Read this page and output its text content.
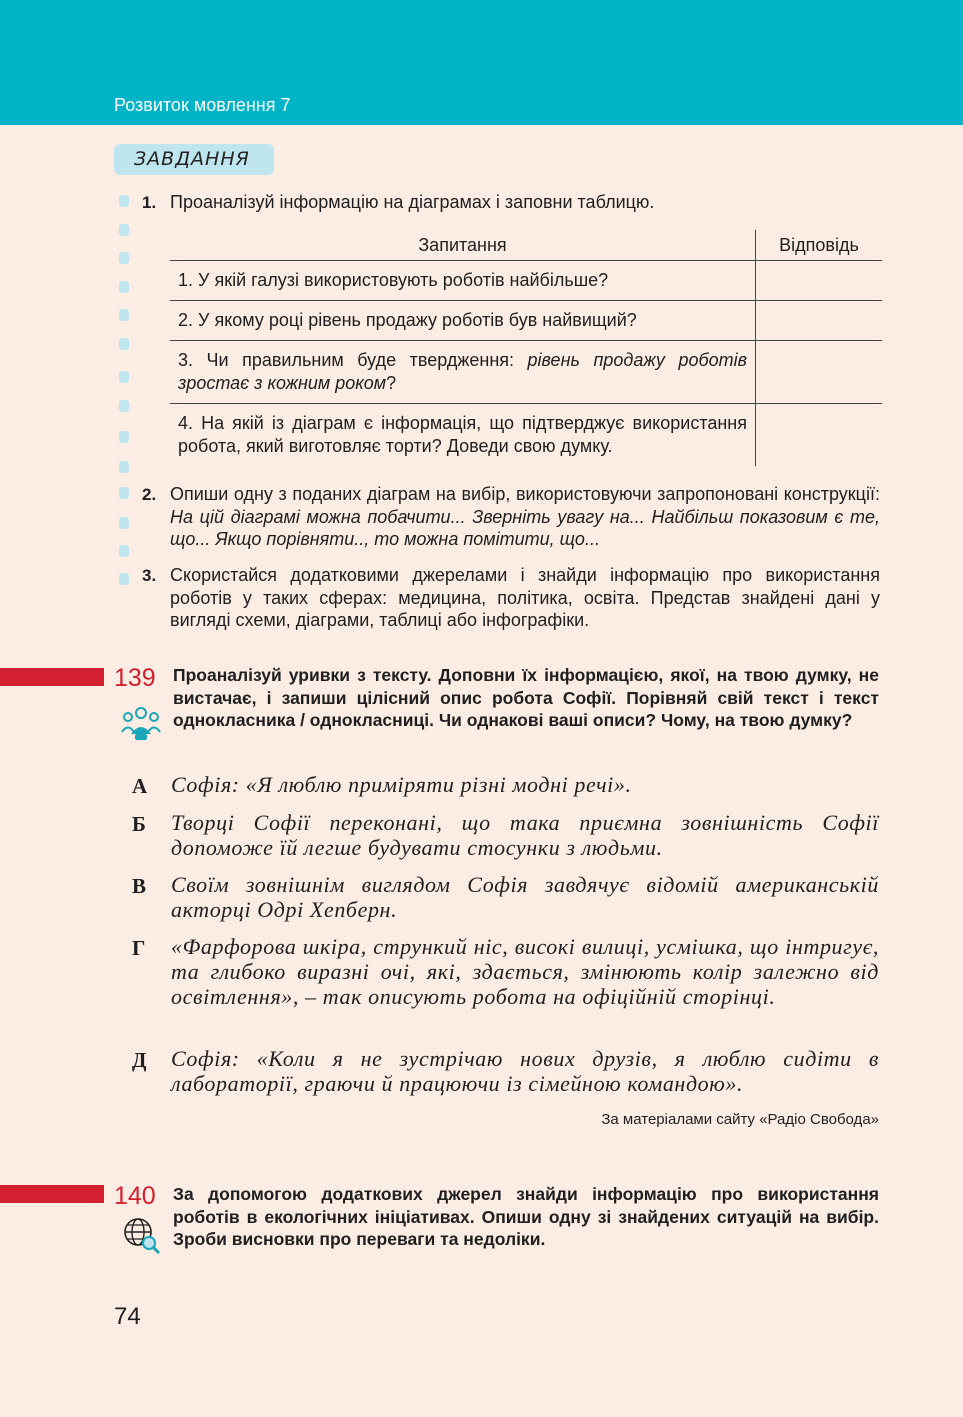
Розвиток мовлення 7
ЗАВДАННЯ
1. Проаналізуй інформацію на діаграмах і заповни таблицю.
Запитання	Відповідь
1. У якій галузі використовують роботів найбільше?	
2. У якому році рівень продажу роботів був найвищий?	
3. Чи правильним буде твердження: рівень продажу роботів зростає з кожним роком?	
4. На якій із діаграм є інформація, що підтверджує використання робота, який виготовляє торти? Доведи свою думку.	
2. Опиши одну з поданих діаграм на вибір, використовуючи запропоновані конструкції: На цій діаграмі можна побачити... Зверніть увагу на... Найбільш показовим є те, що... Якщо порівняти.., то можна помітити, що...
3. Скористайся додатковими джерелами і знайди інформацію про використання роботів у таких сферах: медицина, політика, освіта. Представ знайдені дані у вигляді схеми, діаграми, таблиці або інфографіки.
139 Проаналізуй уривки з тексту. Доповни їх інформацією, якої, на твою думку, не вистачає, і запиши цілісний опис робота Софії. Порівняй свій текст і текст однокласника / однокласниці. Чи однакові ваші описи? Чому, на твою думку?
А Софія: «Я люблю приміряти різні модні речі».
Б Творці Софії переконані, що така приємна зовнішність Софії допоможе їй легше будувати стосунки з людьми.
В Своїм зовнішнім виглядом Софія завдячує відомій американській акторці Одрі Хепберн.
Г «Фарфорова шкіра, стрункий ніс, високі вилиці, усмішка, що інтригує, та глибоко виразні очі, які, здається, змінюють колір залежно від освітлення», – так описують робота на офіційній сторінці.
Д Софія: «Коли я не зустрічаю нових друзів, я люблю сидіти в лабораторії, граючи й працюючи із сімейною командою».
За матеріалами сайту «Радіо Свобода»
140 За допомогою додаткових джерел знайди інформацію про використання роботів в екологічних ініціативах. Опиши одну зі знайдених ситуацій на вибір. Зроби висновки про переваги та недоліки.
74
